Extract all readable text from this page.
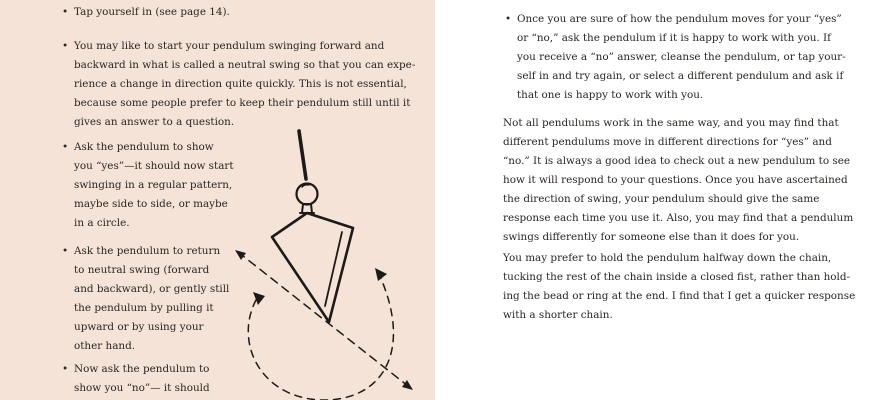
• Tap yourself in (see page 14).
• You may like to start your pendulum swinging forward and
backward in what is called a neutral swing so that you can expe-
rience a change in direction quite quickly. This is not essential,
because some people prefer to keep their pendulum still until it
gives an answer to a question.
• Ask the pendulum to show
you “yes”—it should now start
swinging in a regular pattern,
maybe side to side, or maybe
in a circle.
• Ask the pendulum to return
to neutral swing (forward
and backward), or gently still
the pendulum by pulling it
upward or by using your
other hand.
• Now ask the pendulum to
show you “no”— it should
• Once you are sure of how the pendulum moves for your “yes”
or “no,” ask the pendulum if it is happy to work with you. If
you receive a “no” answer, cleanse the pendulum, or tap your-
self in and try again, or select a different pendulum and ask if
that one is happy to work with you.
Not all pendulums work in the same way, and you may find that
different pendulums move in different directions for “yes” and
“no.” It is always a good idea to check out a new pendulum to see
how it will respond to your questions. Once you have ascertained
the direction of swing, your pendulum should give the same
response each time you use it. Also, you may find that a pendulum
swings differently for someone else than it does for you.
You may prefer to hold the pendulum halfway down the chain,
tucking the rest of the chain inside a closed fist, rather than hold-
ing the bead or ring at the end. I find that I get a quicker response
with a shorter chain.
